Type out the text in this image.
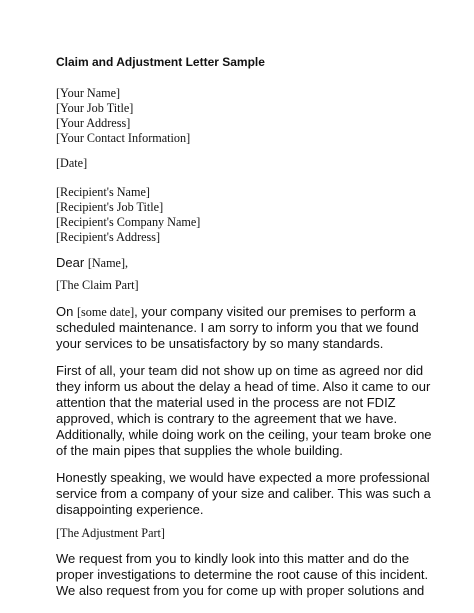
Claim and Adjustment Letter Sample
[Your Name]
[Your Job Title]
[Your Address]
[Your Contact Information]
[Date]
[Recipient's Name]
[Recipient's Job Title]
[Recipient's Company Name]
[Recipient's Address]

Dear [Name],

[The Claim Part]

On [some date], your company visited our premises to perform a
scheduled maintenance. I am sorry to inform you that we found
your services to be unsatisfactory by so many standards.

First of all, your team did not show up on time as agreed nor did
they inform us about the delay a head of time. Also it came to our
attention that the material used in the process are not FDIZ
approved, which is contrary to the agreement that we have.
Additionally, while doing work on the ceiling, your team broke one
of the main pipes that supplies the whole building.

Honestly speaking, we would have expected a more professional
service from a company of your size and caliber. This was such a
disappointing experience.

[The Adjustment Part]

We request from you to kindly look into this matter and do the
proper investigations to determine the root cause of this incident.
We also request from you for come up with proper solutions and
